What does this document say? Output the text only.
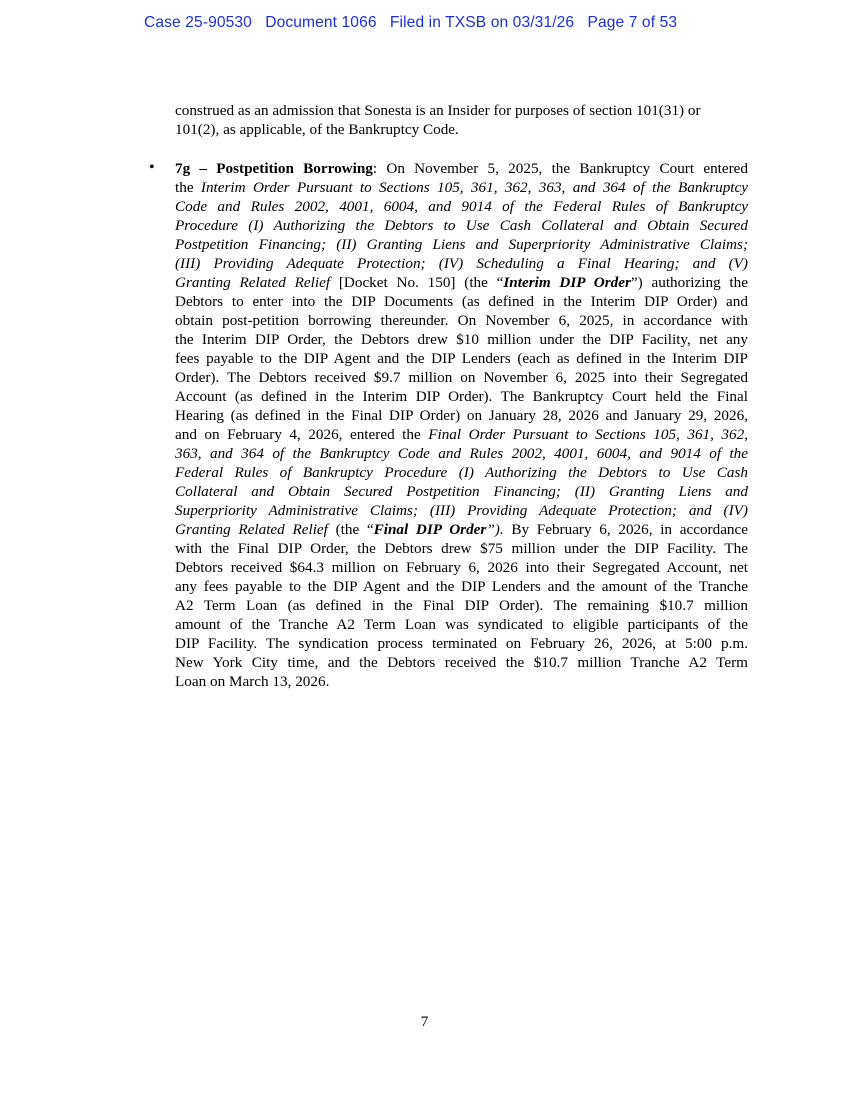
Case 25-90530   Document 1066   Filed in TXSB on 03/31/26   Page 7 of 53
construed as an admission that Sonesta is an Insider for purposes of section 101(31) or
101(2), as applicable, of the Bankruptcy Code.
• 7g – Postpetition Borrowing: On November 5, 2025, the Bankruptcy Court entered
the Interim Order Pursuant to Sections 105, 361, 362, 363, and 364 of the Bankruptcy
Code and Rules 2002, 4001, 6004, and 9014 of the Federal Rules of Bankruptcy
Procedure (I) Authorizing the Debtors to Use Cash Collateral and Obtain Secured
Postpetition Financing; (II) Granting Liens and Superpriority Administrative Claims;
(III) Providing Adequate Protection; (IV) Scheduling a Final Hearing; and (V)
Granting Related Relief [Docket No. 150] (the “Interim DIP Order”) authorizing the
Debtors to enter into the DIP Documents (as defined in the Interim DIP Order) and
obtain post-petition borrowing thereunder. On November 6, 2025, in accordance with
the Interim DIP Order, the Debtors drew $10 million under the DIP Facility, net any
fees payable to the DIP Agent and the DIP Lenders (each as defined in the Interim DIP
Order). The Debtors received $9.7 million on November 6, 2025 into their Segregated
Account (as defined in the Interim DIP Order). The Bankruptcy Court held the Final
Hearing (as defined in the Final DIP Order) on January 28, 2026 and January 29, 2026,
and on February 4, 2026, entered the Final Order Pursuant to Sections 105, 361, 362,
363, and 364 of the Bankruptcy Code and Rules 2002, 4001, 6004, and 9014 of the
Federal Rules of Bankruptcy Procedure (I) Authorizing the Debtors to Use Cash
Collateral and Obtain Secured Postpetition Financing; (II) Granting Liens and
Superpriority Administrative Claims; (III) Providing Adequate Protection; and (IV)
Granting Related Relief (the “Final DIP Order”). By February 6, 2026, in accordance
with the Final DIP Order, the Debtors drew $75 million under the DIP Facility. The
Debtors received $64.3 million on February 6, 2026 into their Segregated Account, net
any fees payable to the DIP Agent and the DIP Lenders and the amount of the Tranche
A2 Term Loan (as defined in the Final DIP Order). The remaining $10.7 million
amount of the Tranche A2 Term Loan was syndicated to eligible participants of the
DIP Facility. The syndication process terminated on February 26, 2026, at 5:00 p.m.
New York City time, and the Debtors received the $10.7 million Tranche A2 Term
Loan on March 13, 2026.
7
